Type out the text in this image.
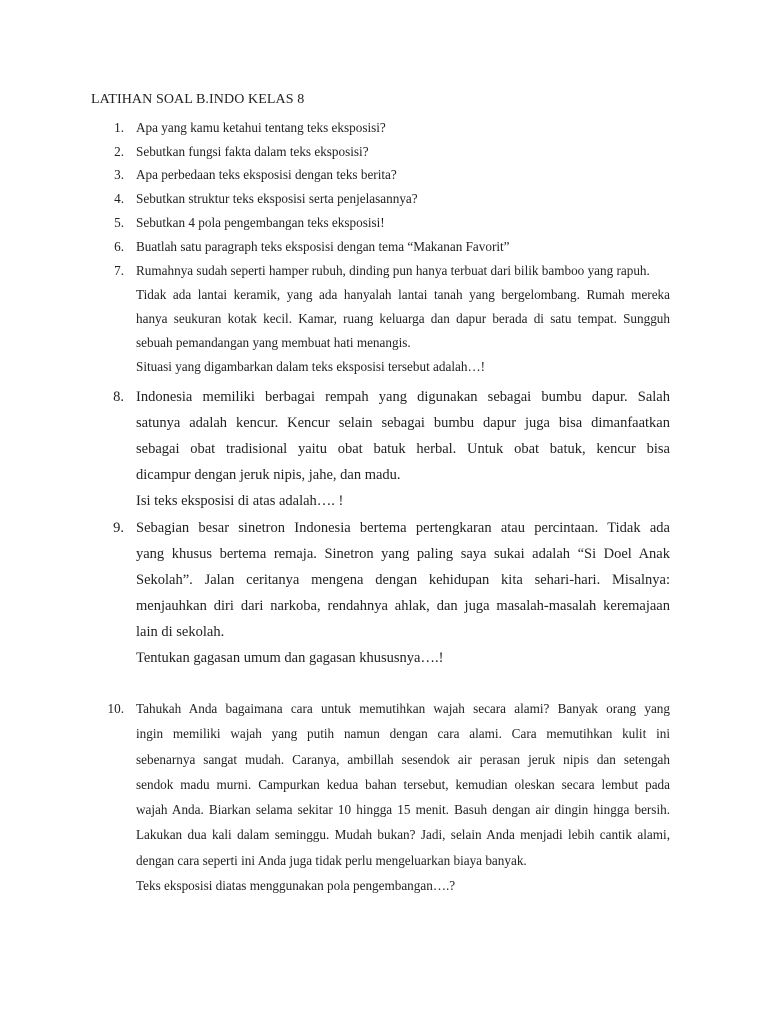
LATIHAN SOAL B.INDO KELAS 8
1. Apa yang kamu ketahui tentang teks eksposisi?
2. Sebutkan fungsi fakta dalam teks eksposisi?
3. Apa perbedaan teks eksposisi dengan teks berita?
4. Sebutkan struktur teks eksposisi serta penjelasannya?
5. Sebutkan 4 pola pengembangan teks eksposisi!
6. Buatlah satu paragraph teks eksposisi dengan tema “Makanan Favorit”
7. Rumahnya sudah seperti hamper rubuh, dinding pun hanya terbuat dari bilik bamboo yang rapuh.
Tidak ada lantai keramik, yang ada hanyalah lantai tanah yang bergelombang. Rumah mereka
hanya seukuran kotak kecil. Kamar, ruang keluarga dan dapur berada di satu tempat. Sungguh
sebuah pemandangan yang membuat hati menangis.
Situasi yang digambarkan dalam teks eksposisi tersebut adalah…!
8. Indonesia memiliki berbagai rempah yang digunakan sebagai bumbu dapur. Salah
satunya adalah kencur. Kencur selain sebagai bumbu dapur juga bisa dimanfaatkan
sebagai obat tradisional yaitu obat batuk herbal. Untuk obat batuk, kencur bisa
dicampur dengan jeruk nipis, jahe, dan madu.
Isi teks eksposisi di atas adalah…. !
9. Sebagian besar sinetron Indonesia bertema pertengkaran atau percintaan. Tidak ada
yang khusus bertema remaja. Sinetron yang paling saya sukai adalah “Si Doel Anak
Sekolah”. Jalan ceritanya mengena dengan kehidupan kita sehari-hari. Misalnya:
menjauhkan diri dari narkoba, rendahnya ahlak, dan juga masalah-masalah keremajaan
lain di sekolah.
Tentukan gagasan umum dan gagasan khususnya….!
10. Tahukah Anda bagaimana cara untuk memutihkan wajah secara alami? Banyak orang yang
ingin memiliki wajah yang putih namun dengan cara alami. Cara memutihkan kulit ini
sebenarnya sangat mudah. Caranya, ambillah sesendok air perasan jeruk nipis dan setengah
sendok madu murni. Campurkan kedua bahan tersebut, kemudian oleskan secara lembut pada
wajah Anda. Biarkan selama sekitar 10 hingga 15 menit. Basuh dengan air dingin hingga bersih.
Lakukan dua kali dalam seminggu. Mudah bukan? Jadi, selain Anda menjadi lebih cantik alami,
dengan cara seperti ini Anda juga tidak perlu mengeluarkan biaya banyak.
Teks eksposisi diatas menggunakan pola pengembangan….?
